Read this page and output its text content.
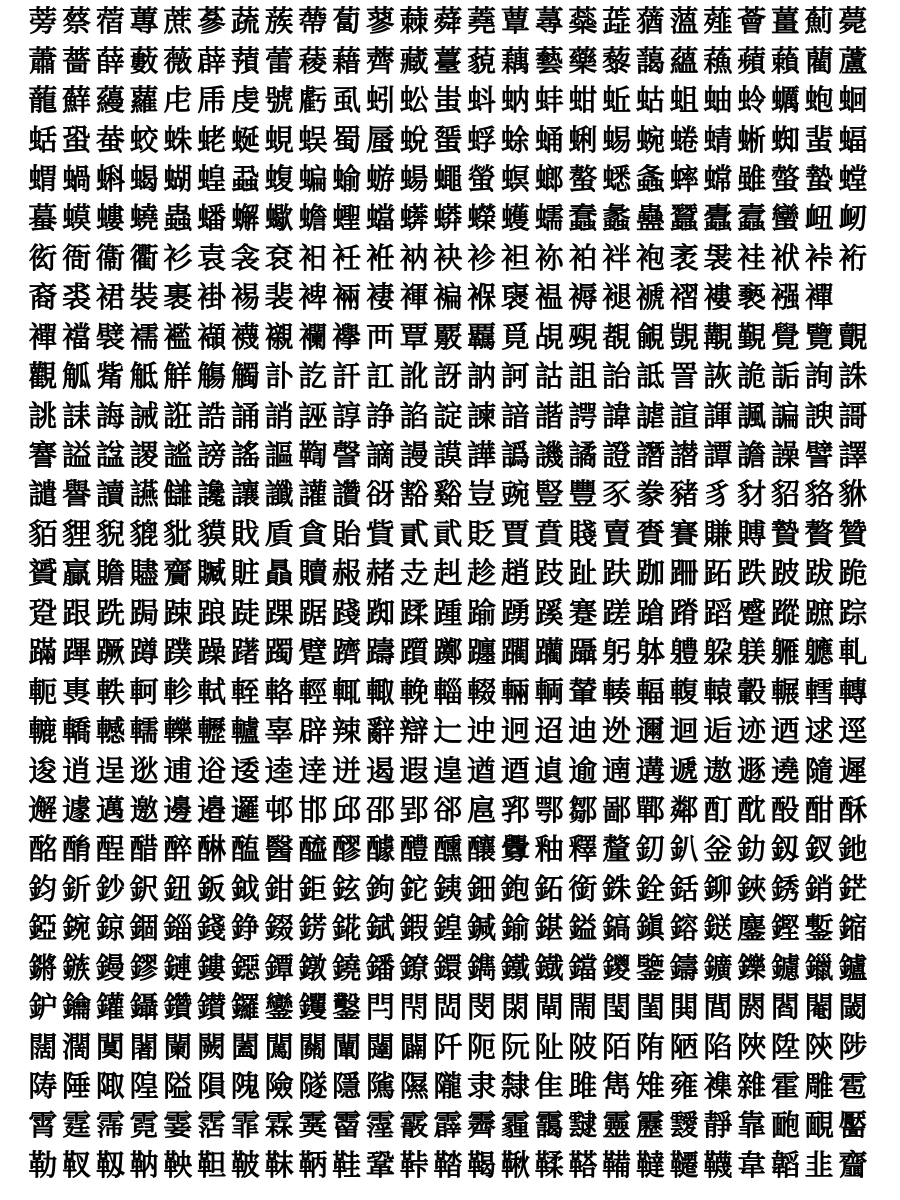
蒡 蔡 蓿 蓴 蔗 蔘 蔬 蔟 蔕 蔔 蓼 蕀 蕣 蕘 蕈 蕁 蘂 蕋 蕕 薀 薤 薈 薑 薊 薨
蕭 薔 薛 藪 薇 薜 蕷 蕾 薐 藉 薺 藏 薹 藐 藕 藝 藥 藜 藹 蘊 蘓 蘋 藾 藺 蘆
蘢 蘚 蘰 蘿 虍 乕 虔 號 虧 虱 蚓 蚣 蚩 蚪 蚋 蚌 蚶 蚯 蛄 蛆 蚰 蛉 蠣 蚫 蛔
蛞 蛩 蛬 蛟 蛛 蛯 蜒 蜆 蜈 蜀 蜃 蛻 蜑 蜉 蜍 蛹 蜊 蜴 蜿 蜷 蜻 蜥 蜘 蜚 蝠
蝟 蝸 蝌 蝎 蝴 蝗 蝨 蝮 蝙 蝓 蝣 蝪 蠅 螢 螟 螂 螯 蟋 螽 蟀 蟐 雖 螫 蟄 螳
蟇 蟆 螻 蟯 蟲 蟠 蠏 蠍 蟾 蟶 蟷 蠎 蟒 蠑 蠖 蠕 蠢 蠡 蠱 蠶 蠹 蠧 蠻 衄 衂
衒 衙 衞 衢 衫 袁 衾 袞 衵 衽 袵 衲 袂 袗 袒 袮 袙 袢 袍 袤 袰 袿 袱 裃 裄
裔 裘 裙 裝 裹 褂 裼 裴 裨 裲 褄 褌 褊 褓 襃 褞 褥 褪 褫 褶 褸 褻 襁 襌
襌 襠 襞 襦 襤 襭 襪 襯 襴 襷 襾 覃 覈 覊 覓 覘 覡 覩 覦 覬 覯 覲 覺 覽 覿
觀 觚 觜 觝 觧 觴 觸 訃 訖 訐 訌 訛 訝 訥 訶 詁 詛 詒 詆 詈 詼 詭 詬 詢 誅
誂 誄 誨 誡 誑 誥 誦 誚 誣 諄 諍 諂 諚 諫 諳 諧 諤 諱 謔 諠 諢 諷 諞 諛 謌
謇 謚 諡 謖 謐 謗 謠 謳 鞫 謦 謫 謾 謨 譁 譌 譏 譎 證 譖 譛 譚 譫 譟 譬 譯
譴 譽 讀 讌 讎 讒 讓 讖 讙 讚 谺 豁 谿 豈 豌 豎 豐 豕 豢 豬 豸 豺 貂 貉 貅
貊 貍 貎 貔 豼 貘 戝 貭 貪 貽 貲 貳 貮 貶 賈 賁 賤 賣 賚 賽 賺 賻 贄 贅 贊
贇 贏 贍 贐 齎 贓 賍 贔 贖 赧 赭 赱 赳 趁 趙 跂 趾 趺 跏 跚 跖 跌 跛 跋 跪
跫 跟 跣 跼 踈 踉 跿 踝 踞 踐 踟 蹂 踵 踰 踴 蹊 蹇 蹉 蹌 蹐 蹈 蹙 蹤 蹠 踪
蹣 蹕 蹶 蹲 蹼 躁 躇 躅 躄 躋 躊 躓 躑 躔 躙 躪 躡 躬 躰 軆 躱 躾 軅 軈 軋
軛 軣 軼 軻 軫 軾 輊 輅 輕 輒 輙 輓 輜 輟 輛 輌 輦 輳 輻 輹 轅 轂 輾 轌 轉
轆 轎 轗 轜 轢 轣 轤 辜 辟 辣 辭 辯 辷 迚 迥 迢 迪 迯 邇 迴 逅 迹 迺 逑 逕
逡 逍 逞 逖 逋 逧 逶 逵 逹 迸 遏 遐 遑 遒 逎 遉 逾 遖 遘 遞 遨 遯 遶 隨 遲
邂 遽 邁 邀 邊 邉 邏 邨 邯 邱 邵 郢 郤 扈 郛 鄂 鄒 鄙 鄲 鄰 酊 酖 酘 酣 酥
酩 酳 酲 醋 醉 醂 醢 醫 醯 醪 醵 醴 醺 釀 釁 釉 釋 釐 釖 釟 釡 釛 釼 釵 釶
鈞 釿 鈔 鈬 鈕 鈑 鉞 鉗 鉅 鉉 鉤 鉈 銕 鈿 鉋 鉐 銜 銖 銓 銛 鉚 鋏 銹 銷 鋩
錏 鋺 鍄 錮 錙 錢 錚 錣 錺 錵 錻 鍜 鍠 鍼 鍮 鍖 鎰 鎬 鎭 鎔 鎹 鏖 鏗 鏨 鏥
鏘 鏃 鏝 鏐 鏈 鏤 鐚 鐔 鐓 鐃 鐇 鐐 鐶 鐫 鐵 鐡 鐺 鑁 鑒 鑄 鑛 鑠 鑢 鑞 鑪
鈩 鑰 鑵 鑷 鑽 鑚 鑼 鑾 钁 鑿 閂 閇 閊 閔 閖 閘 閙 閠 閨 閧 閭 閼 閻 閹 閾
闊 濶 闃 闍 闌 闕 闔 闖 關 闡 闥 闢 阡 阨 阮 阯 陂 陌 陏 陋 陷 陜 陞 陝 陟
陦 陲 陬 隍 隘 隕 隗 險 隧 隱 隲 隰 隴 隶 隸 隹 雎 雋 雉 雍 襍 雜 霍 雕 雹
霄 霆 霈 霓 霎 霑 霏 霖 霙 霤 霪 霰 霹 霽 霾 靄 靆 靈 靂 靉 靜 靠 靤 靦 靨
勒 靫 靱 靹 鞅 靼 鞁 靺 鞆 鞋 鞏 鞐 鞜 鞨 鞦 鞣 鞳 鞴 韃 韆 韈 韋 韜 韭 齏
